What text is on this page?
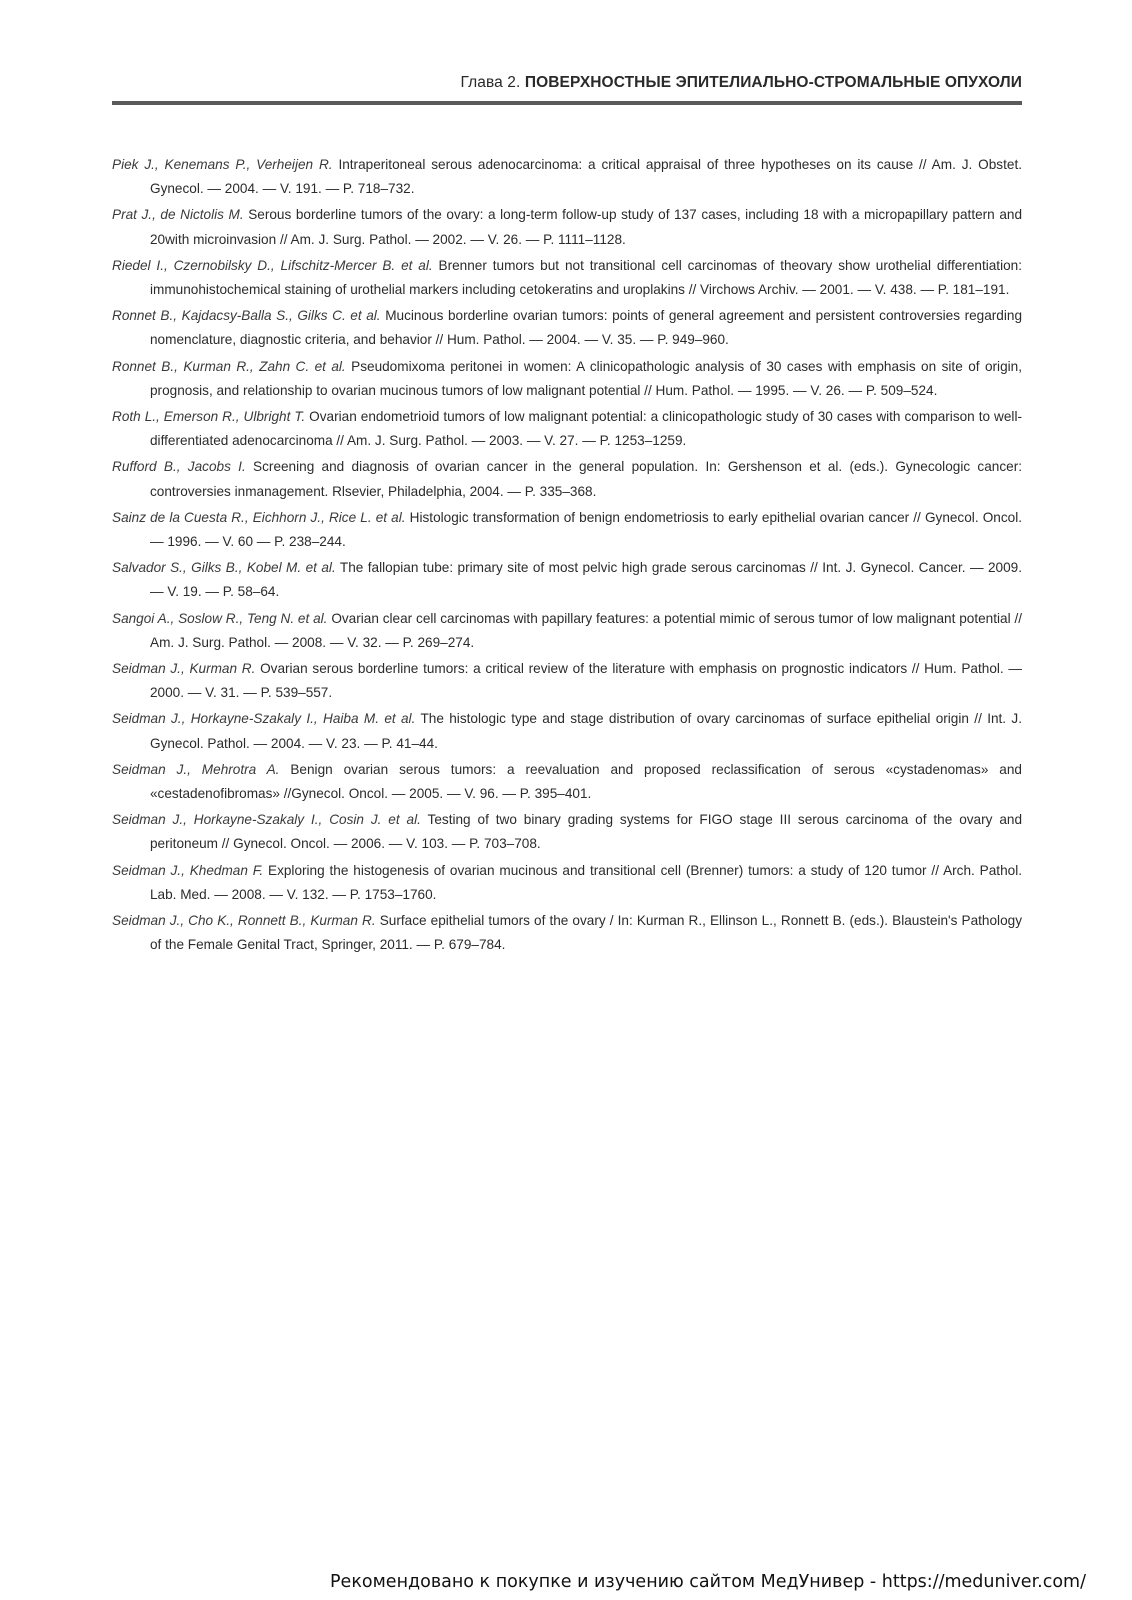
Глава 2. ПОВЕРХНОСТНЫЕ ЭПИТЕЛИАЛЬНО-СТРОМАЛЬНЫЕ ОПУХОЛИ

Piek J., Kenemans P., Verheijen R. Intraperitoneal serous adenocarcinoma: a critical appraisal of three hypotheses on its cause // Am. J. Obstet. Gynecol. — 2004. — V. 191. — P. 718–732.

Prat J., de Nictolis M. Serous borderline tumors of the ovary: a long-term follow-up study of 137 cases, including 18 with a micropapillary pattern and 20with microinvasion // Am. J. Surg. Pathol. — 2002. — V. 26. — P. 1111–1128.

Riedel I., Czernobilsky D., Lifschitz-Mercer B. et al. Brenner tumors but not transitional cell carcinomas of theovary show urothelial differentiation: immunohistochemical staining of urothelial markers including cetokeratins and uroplakins // Virchows Archiv. — 2001. — V. 438. — P. 181–191.

Ronnet B., Kajdacsy-Balla S., Gilks C. et al. Mucinous borderline ovarian tumors: points of general agreement and persistent controversies regarding nomenclature, diagnostic criteria, and behavior // Hum. Pathol. — 2004. — V. 35. — P. 949–960.

Ronnet B., Kurman R., Zahn C. et al. Pseudomixoma peritonei in women: A clinicopathologic analysis of 30 cases with emphasis on site of origin, prognosis, and relationship to ovarian mucinous tumors of low malignant potential // Hum. Pathol. — 1995. — V. 26. — P. 509–524.

Roth L., Emerson R., Ulbright T. Ovarian endometrioid tumors of low malignant potential: a clinicopathologic study of 30 cases with comparison to well-differentiated adenocarcinoma // Am. J. Surg. Pathol. — 2003. — V. 27. — P. 1253–1259.

Rufford B., Jacobs I. Screening and diagnosis of ovarian cancer in the general population. In: Gershenson et al. (eds.). Gynecologic cancer: controversies inmanagement. Rlsevier, Philadelphia, 2004. — P. 335–368.

Sainz de la Cuesta R., Eichhorn J., Rice L. et al. Histologic transformation of benign endometriosis to early epithelial ovarian cancer // Gynecol. Oncol. — 1996. — V. 60 — P. 238–244.

Salvador S., Gilks B., Kobel M. et al. The fallopian tube: primary site of most pelvic high grade serous carcinomas // Int. J. Gynecol. Cancer. — 2009. — V. 19. — P. 58–64.

Sangoi A., Soslow R., Teng N. et al. Ovarian clear cell carcinomas with papillary features: a potential mimic of serous tumor of low malignant potential // Am. J. Surg. Pathol. — 2008. — V. 32. — P. 269–274.

Seidman J., Kurman R. Ovarian serous borderline tumors: a critical review of the literature with emphasis on prognostic indicators // Hum. Pathol. — 2000. — V. 31. — P. 539–557.

Seidman J., Horkayne-Szakaly I., Haiba M. et al. The histologic type and stage distribution of ovary carcinomas of surface epithelial origin // Int. J. Gynecol. Pathol. — 2004. — V. 23. — P. 41–44.

Seidman J., Mehrotra A. Benign ovarian serous tumors: a reevaluation and proposed reclassification of serous «cystadenomas» and «cestadenofibromas» //Gynecol. Oncol. — 2005. — V. 96. — P. 395–401.

Seidman J., Horkayne-Szakaly I., Cosin J. et al. Testing of two binary grading systems for FIGO stage III serous carcinoma of the ovary and peritoneum // Gynecol. Oncol. — 2006. — V. 103. — P. 703–708.

Seidman J., Khedman F. Exploring the histogenesis of ovarian mucinous and transitional cell (Brenner) tumors: a study of 120 tumor // Arch. Pathol. Lab. Med. — 2008. — V. 132. — P. 1753–1760.

Seidman J., Cho K., Ronnett B., Kurman R. Surface epithelial tumors of the ovary / In: Kurman R., Ellinson L., Ronnett B. (eds.). Blaustein's Pathology of the Female Genital Tract, Springer, 2011. — P. 679–784.

Рекомендовано к покупке и изучению сайтом МедУнивер - https://meduniver.com/
